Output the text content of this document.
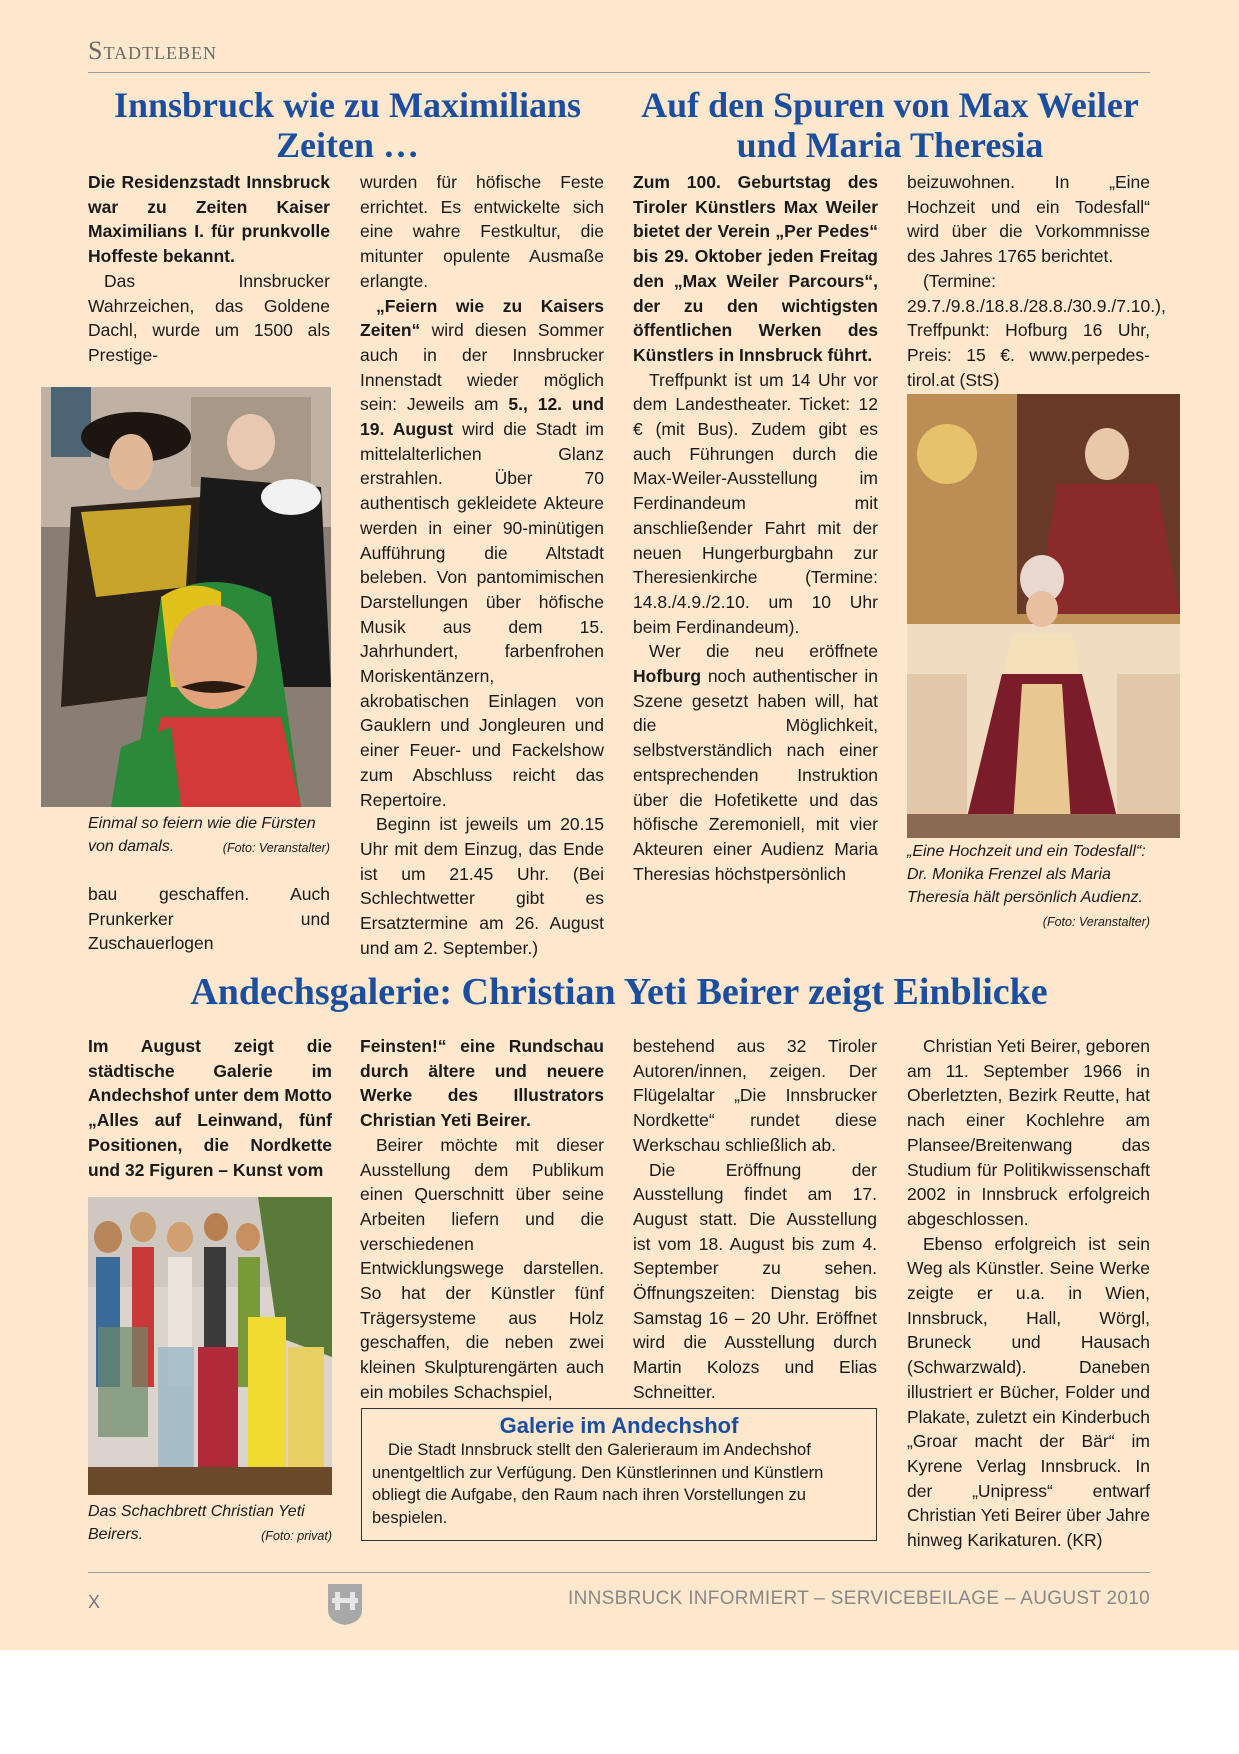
Stadtleben
Innsbruck wie zu Maximilians Zeiten …

Die Residenzstadt Innsbruck war zu Zeiten Kaiser Maximilians I. für prunkvolle Hoffeste bekannt.

Das Innsbrucker Wahrzeichen, das Goldene Dachl, wurde um 1500 als Prestige-

Einmal so feiern wie die Fürsten von damals.	(Foto: Veranstalter)

bau geschaffen. Auch Prunkerker und Zuschauerlogen

wurden für höfische Feste errichtet. Es entwickelte sich eine wahre Festkultur, die mitunter opulente Ausmaße erlangte.

„Feiern wie zu Kaisers Zeiten“ wird diesen Sommer auch in der Innsbrucker Innenstadt wieder möglich sein: Jeweils am 5., 12. und 19. August wird die Stadt im mittelalterlichen Glanz erstrahlen. Über 70 authentisch gekleidete Akteure werden in einer 90-minütigen Aufführung die Altstadt beleben. Von pantomimischen Darstellungen über höfische Musik aus dem 15. Jahrhundert, farbenfrohen Moriskentänzern, akrobatischen Einlagen von Gauklern und Jongleuren und einer Feuer- und Fackelshow zum Abschluss reicht das Repertoire.

Beginn ist jeweils um 20.15 Uhr mit dem Einzug, das Ende ist um 21.45 Uhr. (Bei Schlechtwetter gibt es Ersatztermine am 26. August und am 2. September.)

Auf den Spuren von Max Weiler und Maria Theresia

Zum 100. Geburtstag des Tiroler Künstlers Max Weiler bietet der Verein „Per Pedes“ bis 29. Oktober jeden Freitag den „Max Weiler Parcours“, der zu den wichtigsten öffentlichen Werken des Künstlers in Innsbruck führt.

Treffpunkt ist um 14 Uhr vor dem Landestheater. Ticket: 12 € (mit Bus). Zudem gibt es auch Führungen durch die Max-Weiler-Ausstellung im Ferdinandeum mit anschließender Fahrt mit der neuen Hungerburgbahn zur Theresienkirche (Termine: 14.8./4.9./2.10. um 10 Uhr beim Ferdinandeum).

Wer die neu eröffnete Hofburg noch authentischer in Szene gesetzt haben will, hat die Möglichkeit, selbstverständlich nach einer entsprechenden Instruktion über die Hofetikette und das höfische Zeremoniell, mit vier Akteuren einer Audienz Maria Theresias höchstpersönlich

beizuwohnen. In „Eine Hochzeit und ein Todesfall“ wird über die Vorkommnisse des Jahres 1765 berichtet.

(Termine: 29.7./9.8./18.8./28.8./30.9./7.10.), Treffpunkt: Hofburg 16 Uhr, Preis: 15 €. www.perpedes-tirol.at (StS)

„Eine Hochzeit und ein Todesfall“: Dr. Monika Frenzel als Maria Theresia hält persönlich Audienz.
(Foto: Veranstalter)
Andechsgalerie: Christian Yeti Beirer zeigt Einblicke

Im August zeigt die städtische Galerie im Andechshof unter dem Motto „Alles auf Leinwand, fünf Positionen, die Nordkette und 32 Figuren – Kunst vom

Das Schachbrett Christian Yeti Beirers.	(Foto: privat)

Feinsten!“ eine Rundschau durch ältere und neuere Werke des Illustrators Christian Yeti Beirer.

Beirer möchte mit dieser Ausstellung dem Publikum einen Querschnitt über seine Arbeiten liefern und die verschiedenen Entwicklungswege darstellen. So hat der Künstler fünf Trägersysteme aus Holz geschaffen, die neben zwei kleinen Skulpturengärten auch ein mobiles Schachspiel,

bestehend aus 32 Tiroler Autoren/innen, zeigen. Der Flügelaltar „Die Innsbrucker Nordkette“ rundet diese Werkschau schließlich ab.

Die Eröffnung der Ausstellung findet am 17. August statt. Die Ausstellung ist vom 18. August bis zum 4. September zu sehen. Öffnungszeiten: Dienstag bis Samstag 16 – 20 Uhr. Eröffnet wird die Ausstellung durch Martin Kolozs und Elias Schneitter.

Christian Yeti Beirer, geboren am 11. September 1966 in Oberletzten, Bezirk Reutte, hat nach einer Kochlehre am Plansee/Breitenwang das Studium für Politikwissenschaft 2002 in Innsbruck erfolgreich abgeschlossen.

Ebenso erfolgreich ist sein Weg als Künstler. Seine Werke zeigte er u.a. in Wien, Innsbruck, Hall, Wörgl, Bruneck und Hausach (Schwarzwald). Daneben illustriert er Bücher, Folder und Plakate, zuletzt ein Kinderbuch „Groar macht der Bär“ im Kyrene Verlag Innsbruck. In der „Unipress“ entwarf Christian Yeti Beirer über Jahre hinweg Karikaturen. (KR)

Galerie im Andechshof
Die Stadt Innsbruck stellt den Galerieraum im Andechshof unentgeltlich zur Verfügung. Den Künstlerinnen und Künstlern obliegt die Aufgabe, den Raum nach ihren Vorstellungen zu bespielen.
X	INNSBRUCK INFORMIERT – SERVICEBEILAGE – AUGUST 2010
